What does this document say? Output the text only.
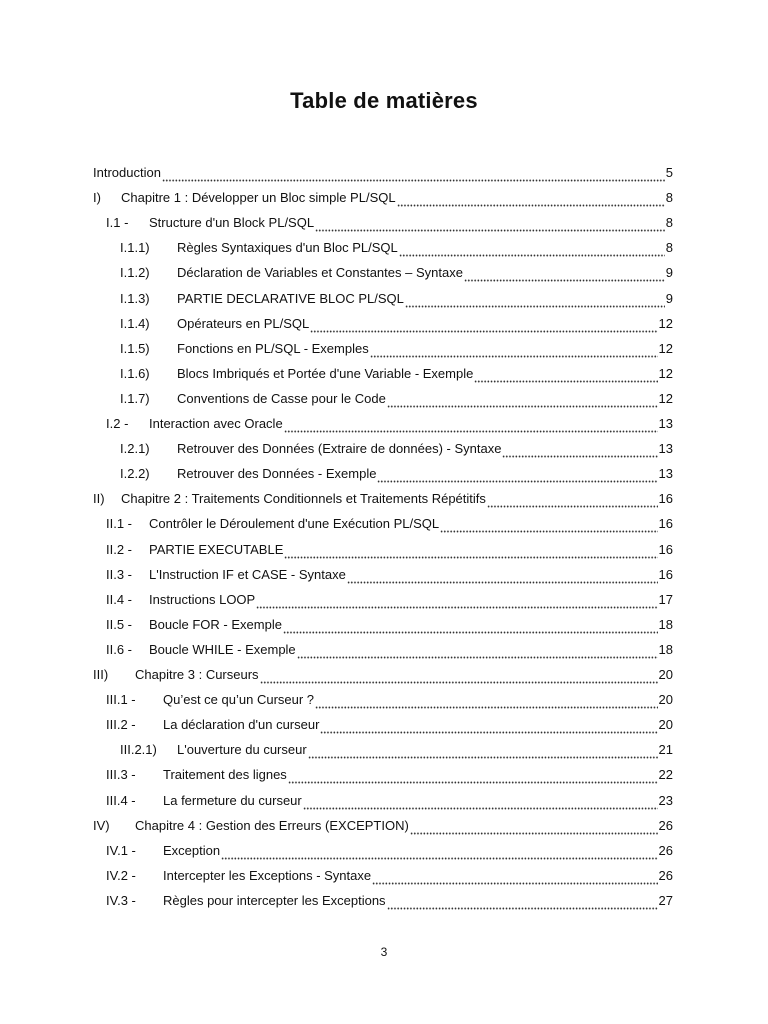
Table de matières
Introduction	5
I)	Chapitre 1 : Développer un Bloc simple PL/SQL	8
I.1 -	Structure d'un Block PL/SQL	8
I.1.1)	Règles Syntaxiques d'un Bloc PL/SQL	8
I.1.2)	Déclaration de Variables et Constantes – Syntaxe	9
I.1.3)	PARTIE DECLARATIVE BLOC PL/SQL	9
I.1.4)	Opérateurs en PL/SQL	12
I.1.5)	Fonctions en PL/SQL - Exemples	12
I.1.6)	Blocs Imbriqués et Portée d'une Variable - Exemple	12
I.1.7)	Conventions de Casse pour le Code	12
I.2 -	Interaction avec Oracle	13
I.2.1)	Retrouver des Données (Extraire de données) - Syntaxe	13
I.2.2)	Retrouver des Données - Exemple	13
II)	Chapitre 2 : Traitements Conditionnels et Traitements Répétitifs	16
II.1 -	Contrôler le Déroulement d'une Exécution PL/SQL	16
II.2 -	PARTIE EXECUTABLE	16
II.3 -	L'Instruction IF et CASE - Syntaxe	16
II.4 -	Instructions LOOP	17
II.5 -	Boucle FOR - Exemple	18
II.6 -	Boucle WHILE - Exemple	18
III)	Chapitre 3 : Curseurs	20
III.1 -	Qu’est ce qu’un Curseur ?	20
III.2 -	La déclaration d'un curseur	20
III.2.1)	L'ouverture du curseur	21
III.3 -	Traitement des lignes	22
III.4 -	La fermeture du curseur	23
IV)	Chapitre 4 : Gestion des Erreurs (EXCEPTION)	26
IV.1 -	Exception	26
IV.2 -	Intercepter les Exceptions - Syntaxe	26
IV.3 -	Règles pour intercepter les Exceptions	27
3
